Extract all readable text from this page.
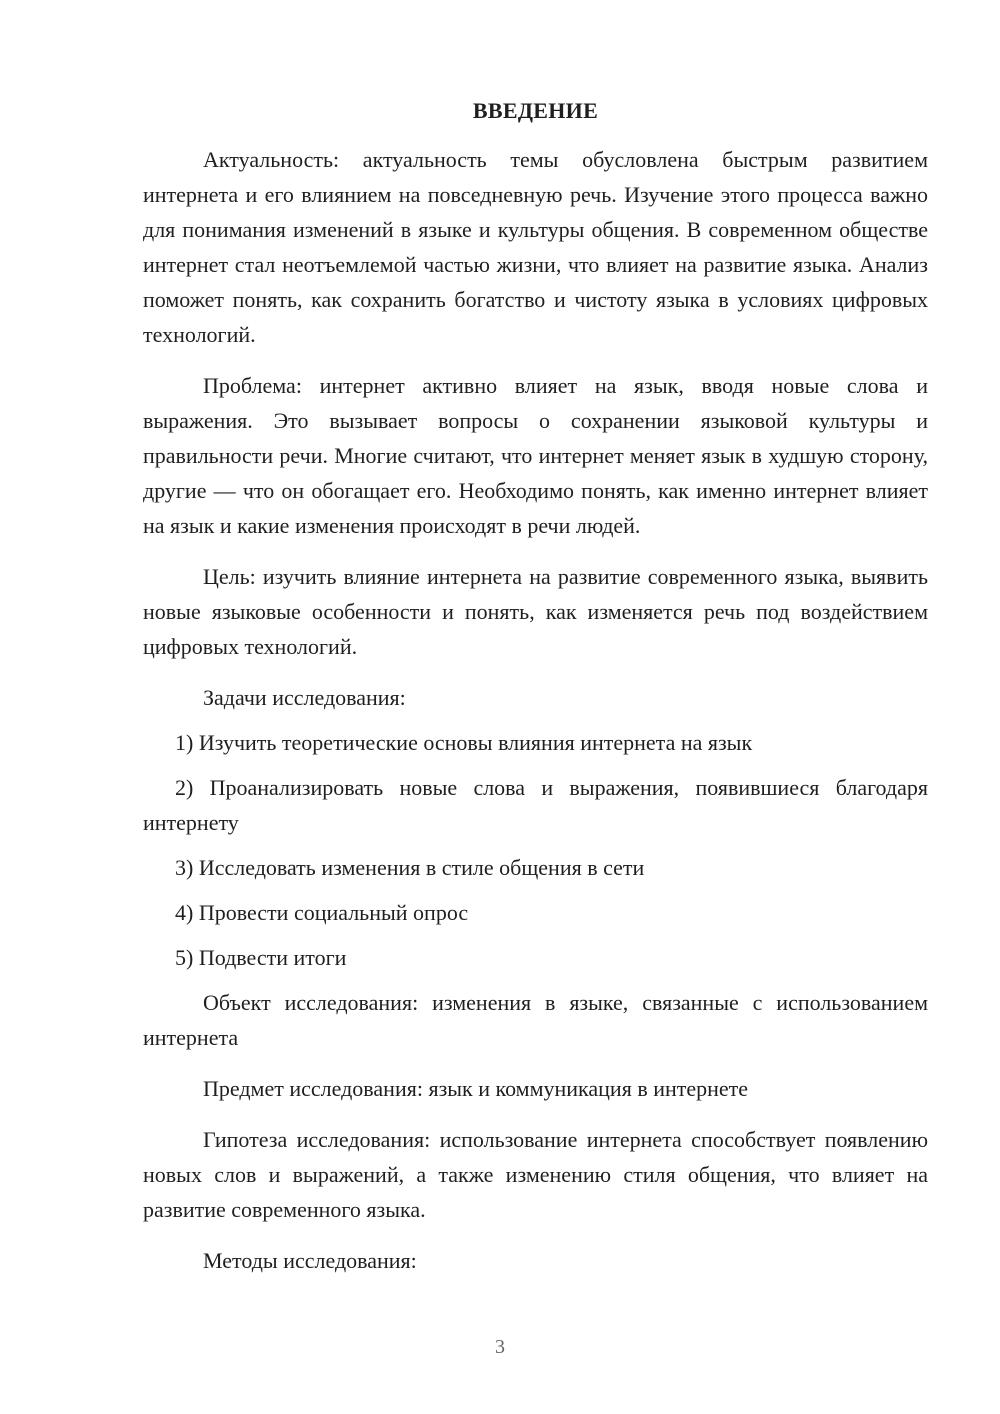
ВВЕДЕНИЕ

Актуальность: актуальность темы обусловлена быстрым развитием интернета и его влиянием на повседневную речь. Изучение этого процесса важно для понимания изменений в языке и культуры общения. В современном обществе интернет стал неотъемлемой частью жизни, что влияет на развитие языка. Анализ поможет понять, как сохранить богатство и чистоту языка в условиях цифровых технологий.

Проблема: интернет активно влияет на язык, вводя новые слова и выражения. Это вызывает вопросы о сохранении языковой культуры и правильности речи. Многие считают, что интернет меняет язык в худшую сторону, другие — что он обогащает его. Необходимо понять, как именно интернет влияет на язык и какие изменения происходят в речи людей.

Цель: изучить влияние интернета на развитие современного языка, выявить новые языковые особенности и понять, как изменяется речь под воздействием цифровых технологий.

Задачи исследования:

1) Изучить теоретические основы влияния интернета на язык

2) Проанализировать новые слова и выражения, появившиеся благодаря интернету

3) Исследовать изменения в стиле общения в сети

4) Провести социальный опрос

5) Подвести итоги

Объект исследования: изменения в языке, связанные с использованием интернета

Предмет исследования: язык и коммуникация в интернете

Гипотеза исследования: использование интернета способствует появлению новых слов и выражений, а также изменению стиля общения, что влияет на развитие современного языка.

Методы исследования:

3
